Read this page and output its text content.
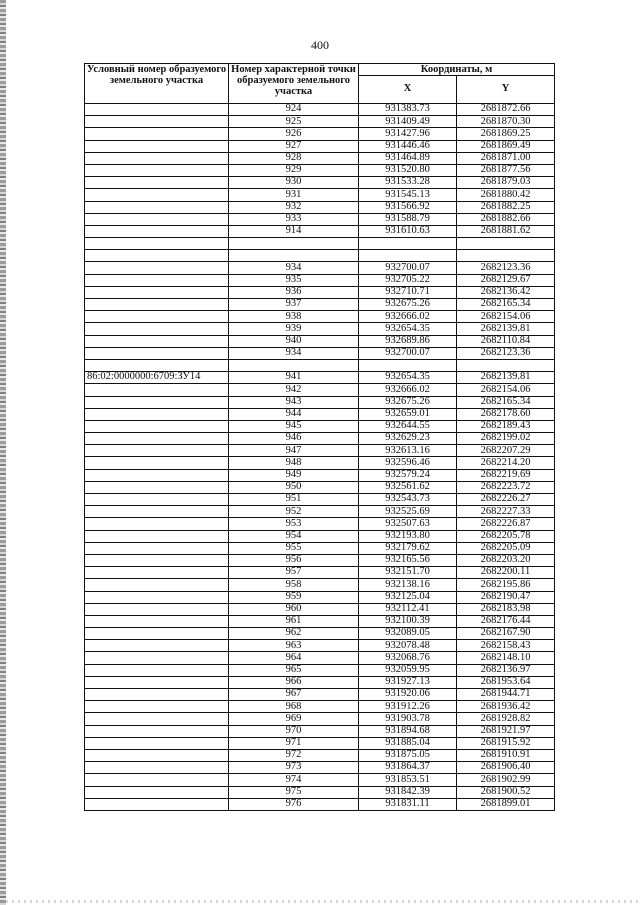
400
Условный номер образуемого земельного участка	Номер характерной точки образуемого земельного участка	Координаты, м	
		X	Y
	924	931383.73	2681872.66
	925	931409.49	2681870.30
	926	931427.96	2681869.25
	927	931446.46	2681869.49
	928	931464.89	2681871.00
	929	931520.80	2681877.56
	930	931533.28	2681879.03
	931	931545.13	2681880.42
	932	931566.92	2681882.25
	933	931588.79	2681882.66
	914	931610.63	2681881.62

	934	932700.07	2682123.36
	935	932705.22	2682129.67
	936	932710.71	2682136.42
	937	932675.26	2682165.34
	938	932666.02	2682154.06
	939	932654.35	2682139.81
	940	932689.86	2682110.84
	934	932700.07	2682123.36

86:02:0000000:6709:ЗУ14	941	932654.35	2682139.81
	942	932666.02	2682154.06
	943	932675.26	2682165.34
	944	932659.01	2682178.60
	945	932644.55	2682189.43
	946	932629.23	2682199.02
	947	932613.16	2682207.29
	948	932596.46	2682214.20
	949	932579.24	2682219.69
	950	932561.62	2682223.72
	951	932543.73	2682226.27
	952	932525.69	2682227.33
	953	932507.63	2682226.87
	954	932193.80	2682205.78
	955	932179.62	2682205.09
	956	932165.56	2682203.20
	957	932151.70	2682200.11
	958	932138.16	2682195.86
	959	932125.04	2682190.47
	960	932112.41	2682183.98
	961	932100.39	2682176.44
	962	932089.05	2682167.90
	963	932078.48	2682158.43
	964	932068.76	2682148.10
	965	932059.95	2682136.97
	966	931927.13	2681953.64
	967	931920.06	2681944.71
	968	931912.26	2681936.42
	969	931903.78	2681928.82
	970	931894.68	2681921.97
	971	931885.04	2681915.92
	972	931875.05	2681910.91
	973	931864.37	2681906.40
	974	931853.51	2681902.99
	975	931842.39	2681900.52
	976	931831.11	2681899.01
